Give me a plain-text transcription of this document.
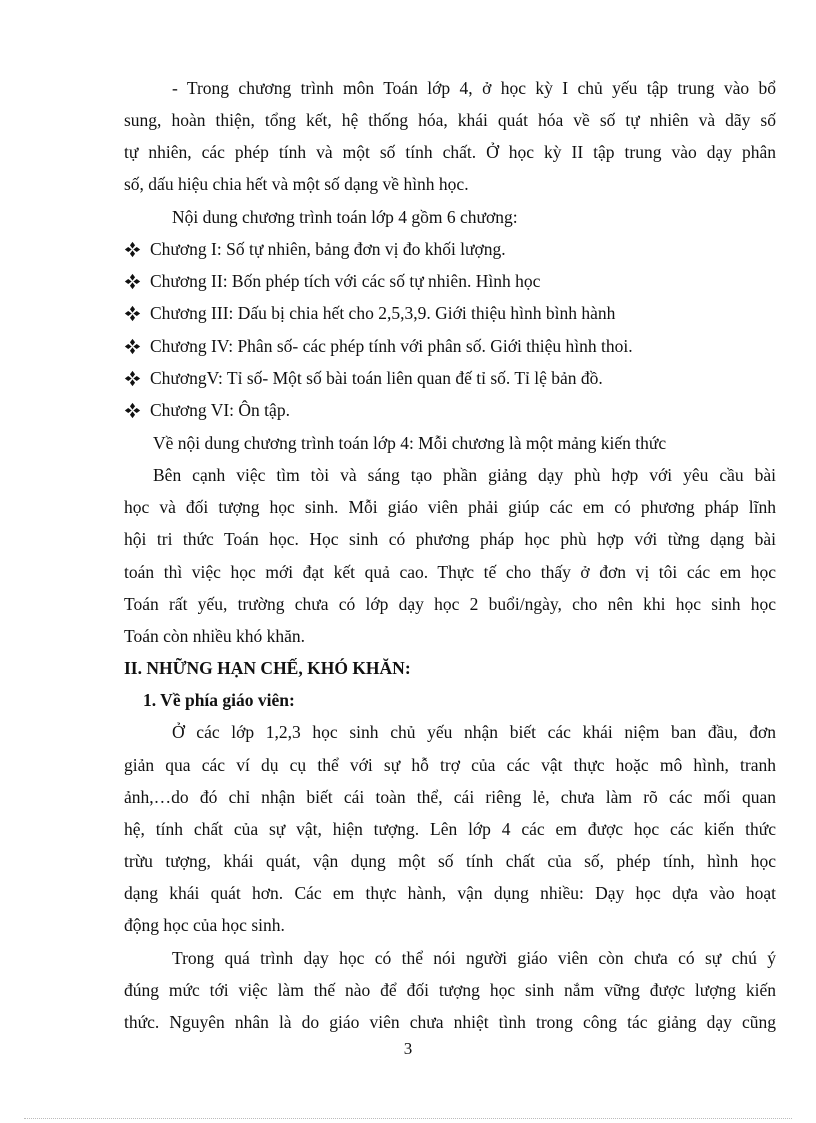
- Trong chương trình môn Toán lớp 4, ở học kỳ I chủ yếu tập trung vào bổ
sung, hoàn thiện, tổng kết, hệ thống hóa, khái quát hóa về số tự nhiên và dãy số
tự nhiên, các phép tính và một số tính chất. Ở học kỳ II tập trung vào dạy phân
số, dấu hiệu chia hết và một số dạng về hình học.
Nội dung chương trình toán lớp 4 gồm 6 chương:
Chương I: Số tự nhiên, bảng đơn vị đo khối lượng.
Chương II: Bốn phép tích với các số tự nhiên. Hình học
Chương III: Dấu bị chia hết cho 2,5,3,9. Giới thiệu hình bình hành
Chương IV: Phân số- các phép tính với phân số. Giới thiệu hình thoi.
ChươngV: Tỉ số- Một số bài toán liên quan đế tỉ số. Tỉ lệ bản đồ.
Chương VI: Ôn tập.
Về nội dung chương trình toán lớp 4: Mỗi chương là một mảng kiến thức
Bên cạnh việc tìm tòi và sáng tạo phần giảng dạy phù hợp với yêu cầu bài
học và đối tượng học sinh. Mỗi giáo viên phải giúp các em có phương pháp lĩnh
hội tri thức Toán học. Học sinh có phương pháp học phù hợp với từng dạng bài
toán thì việc học mới đạt kết quả cao. Thực tế cho thấy ở đơn vị tôi các em học
Toán rất yếu, trường chưa có lớp dạy học 2 buổi/ngày, cho nên khi học sinh học
Toán còn nhiều khó khăn.
II. NHỮNG HẠN CHẾ, KHÓ KHĂN:
1. Về phía giáo viên:
Ở các lớp 1,2,3 học sinh chủ yếu nhận biết các khái niệm ban đầu, đơn
giản qua các ví dụ cụ thể với sự hỗ trợ của các vật thực hoặc mô hình, tranh
ảnh,…do đó chỉ nhận biết cái toàn thể, cái riêng lẻ, chưa làm rõ các mối quan
hệ, tính chất của sự vật, hiện tượng. Lên lớp 4 các em được học các kiến thức
trừu tượng, khái quát, vận dụng một số tính chất của số, phép tính, hình học
dạng khái quát hơn. Các em thực hành, vận dụng nhiều: Dạy học dựa vào hoạt
động học của học sinh.
Trong quá trình dạy học có thể nói người giáo viên còn chưa có sự chú ý
đúng mức tới việc làm thế nào để đối tượng học sinh nắm vững được lượng kiến
thức. Nguyên nhân là do giáo viên chưa nhiệt tình trong công tác giảng dạy cũng
3
